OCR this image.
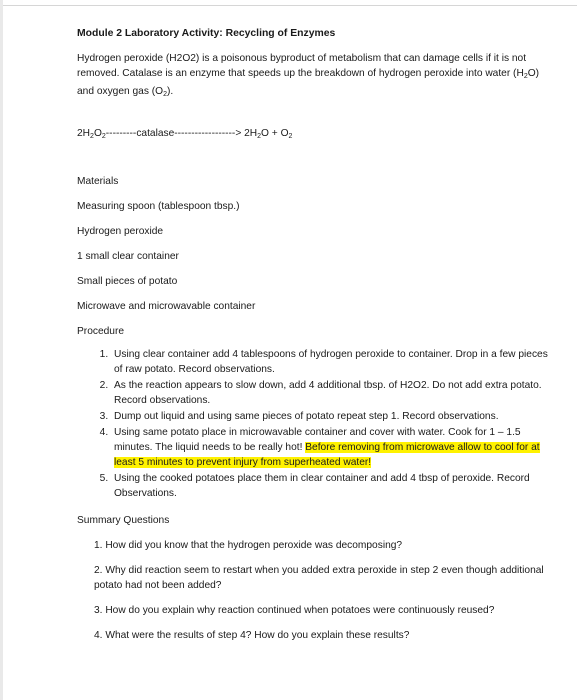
Module 2 Laboratory Activity: Recycling of Enzymes

Hydrogen peroxide (H2O2) is a poisonous byproduct of metabolism that can damage cells if it is not removed. Catalase is an enzyme that speeds up the breakdown of hydrogen peroxide into water $(H_2O)$ and oxygen gas $(O_2)$.

$2H_2O_2---------catalase------------------> 2H_2O + O_2$

Materials

Measuring spoon (tablespoon tbsp.)

Hydrogen peroxide

1 small clear container

Small pieces of potato

Microwave and microwavable container

Procedure

1. Using clear container add 4 tablespoons of hydrogen peroxide to container. Drop in a few pieces of raw potato. Record observations.
2. As the reaction appears to slow down, add 4 additional tbsp. of H2O2. Do not add extra potato. Record observations.
3. Dump out liquid and using same pieces of potato repeat step 1. Record observations.
4. Using same potato place in microwavable container and cover with water. Cook for 1 – 1.5 minutes. The liquid needs to be really hot! Before removing from microwave allow to cool for at least 5 minutes to prevent injury from superheated water!
5. Using the cooked potatoes place them in clear container and add 4 tbsp of peroxide. Record Observations.

Summary Questions

1. How did you know that the hydrogen peroxide was decomposing?

2. Why did reaction seem to restart when you added extra peroxide in step 2 even though additional potato had not been added?

3. How do you explain why reaction continued when potatoes were continuously reused?

4. What were the results of step 4? How do you explain these results?
